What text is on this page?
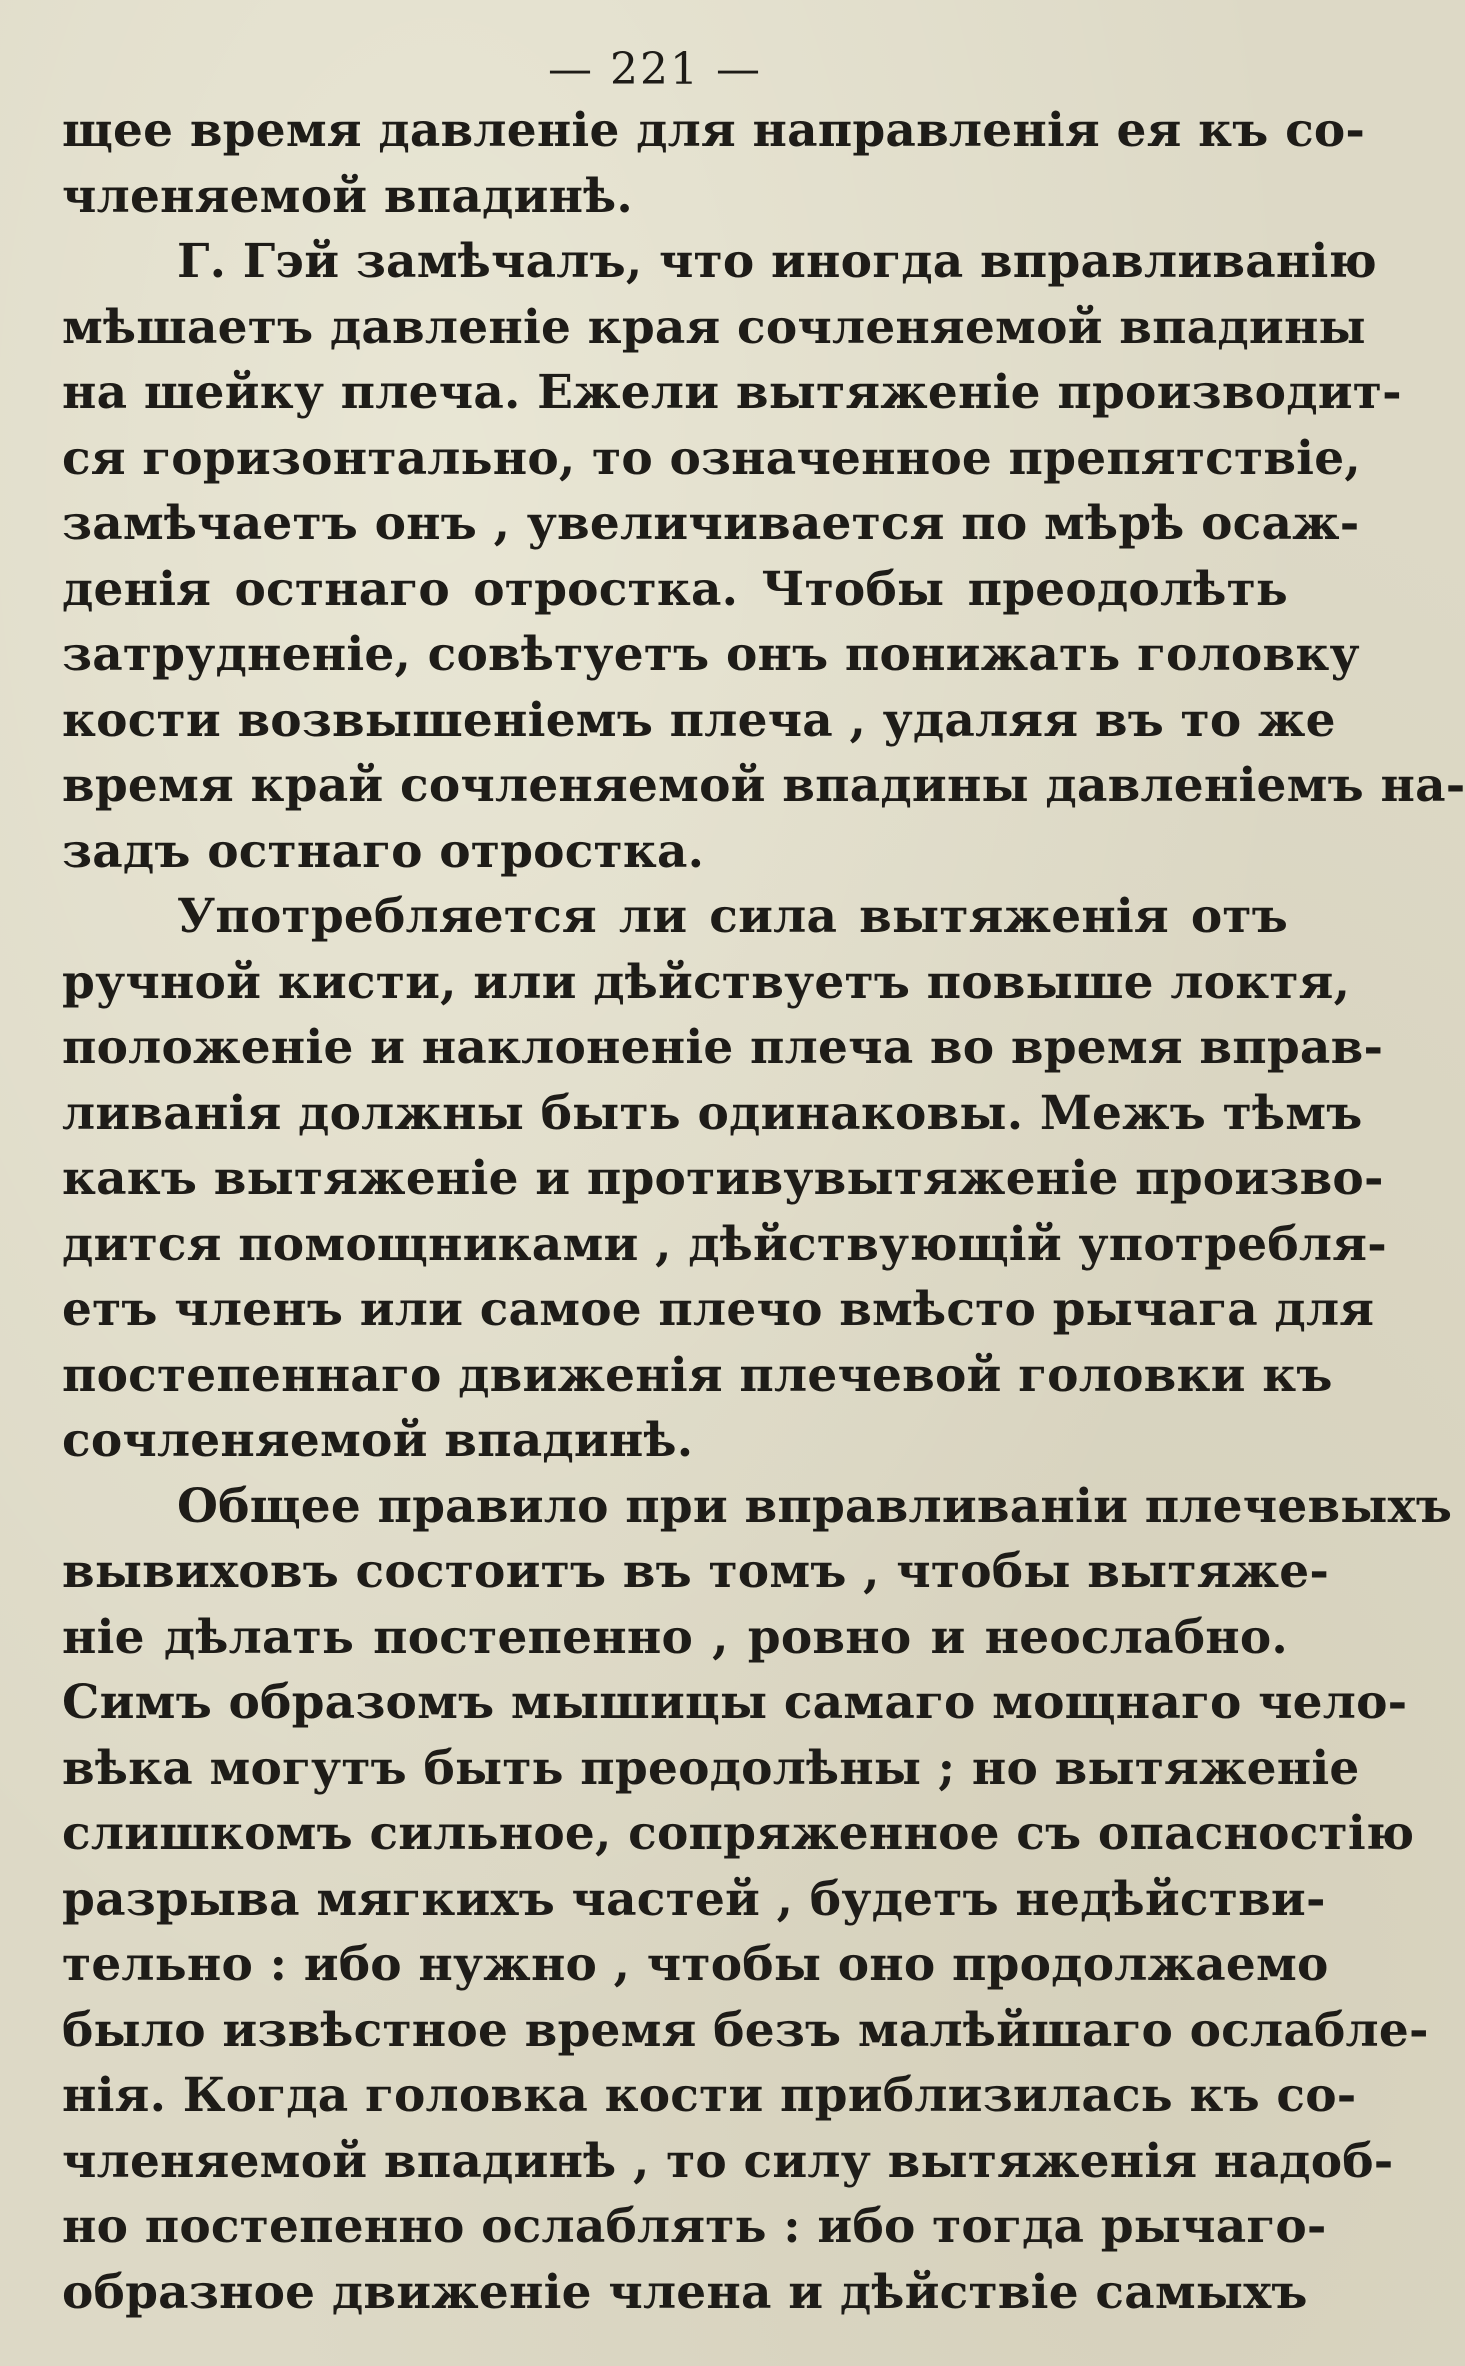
— 221 —
щее время давленіе для направленія ея къ со-
членяемой впадинѣ.
Г. Гэй замѣчалъ, что иногда вправливанію
мѣшаетъ давленіе края сочленяемой впадины
на шейку плеча. Ежели вытяженіе производит-
ся горизонтально, то означенное препятствіе,
замѣчаетъ онъ , увеличивается по мѣрѣ осаж-
денія остнаго отростка. Чтобы преодолѣть
затрудненіе, совѣтуетъ онъ понижать головку
кости возвышеніемъ плеча , удаляя въ то же
время край сочленяемой впадины давленіемъ на-
задъ остнаго отростка.
Употребляется ли сила вытяженія отъ
ручной кисти, или дѣйствуетъ повыше локтя,
положеніе и наклоненіе плеча во время вправ-
ливанія должны быть одинаковы. Межъ тѣмъ
какъ вытяженіе и противувытяженіе произво-
дится помощниками , дѣйствующій употребля-
етъ членъ или самое плечо вмѣсто рычага для
постепеннаго движенія плечевой головки къ
сочленяемой впадинѣ.
Общее правило при вправливаніи плечевыхъ
вывиховъ состоитъ въ томъ , чтобы вытяже-
ніе дѣлать постепенно , ровно и неослабно.
Симъ образомъ мышицы самаго мощнаго чело-
вѣка могутъ быть преодолѣны ; но вытяженіе
слишкомъ сильное, сопряженное съ опасностію
разрыва мягкихъ частей , будетъ недѣйстви-
тельно : ибо нужно , чтобы оно продолжаемо
было извѣстное время безъ малѣйшаго ослабле-
нія. Когда головка кости приблизилась къ со-
членяемой впадинѣ , то силу вытяженія надоб-
но постепенно ослаблять : ибо тогда рычаго-
образное движеніе члена и дѣйствіе самыхъ
